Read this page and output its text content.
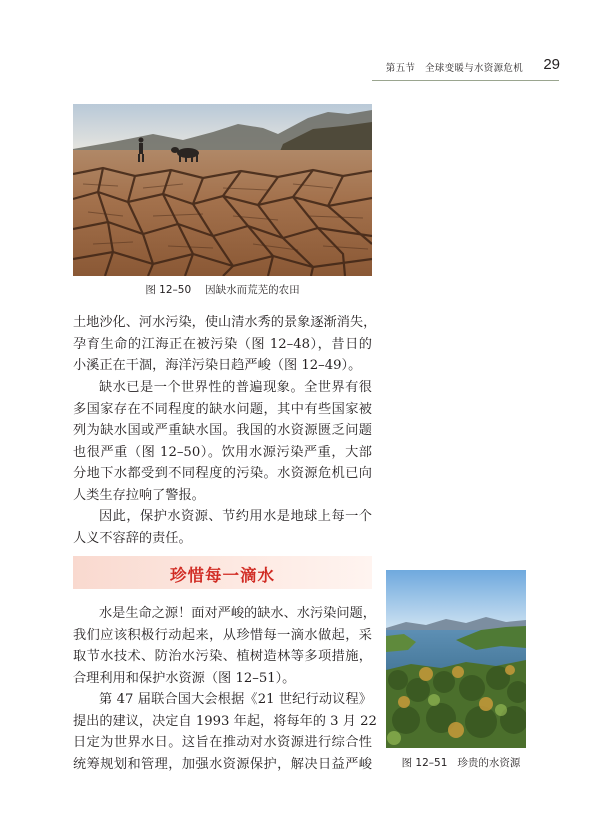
第五节　全球变暖与水资源危机 29
图 12–50 因缺水而荒芜的农田
土地沙化、河水污染，使山清水秀的景象逐渐消失，
孕育生命的江海正在被污染（图 12–48），昔日的
小溪正在干涸，海洋污染日趋严峻（图 12–49）。
缺水已是一个世界性的普遍现象。全世界有很
多国家存在不同程度的缺水问题，其中有些国家被
列为缺水国或严重缺水国。我国的水资源匮乏问题
也很严重（图 12–50）。饮用水源污染严重，大部
分地下水都受到不同程度的污染。水资源危机已向
人类生存拉响了警报。
因此，保护水资源、节约用水是地球上每一个
人义不容辞的责任。
珍惜每一滴水
水是生命之源！面对严峻的缺水、水污染问题，
我们应该积极行动起来，从珍惜每一滴水做起，采
取节水技术、防治水污染、植树造林等多项措施，
合理利用和保护水资源（图 12–51）。
第 47 届联合国大会根据《21 世纪行动议程》
提出的建议，决定自 1993 年起，将每年的 3 月 22
日定为世界水日。这旨在推动对水资源进行综合性
统筹规划和管理，加强水资源保护，解决日益严峻	图 12–51 珍贵的水资源
